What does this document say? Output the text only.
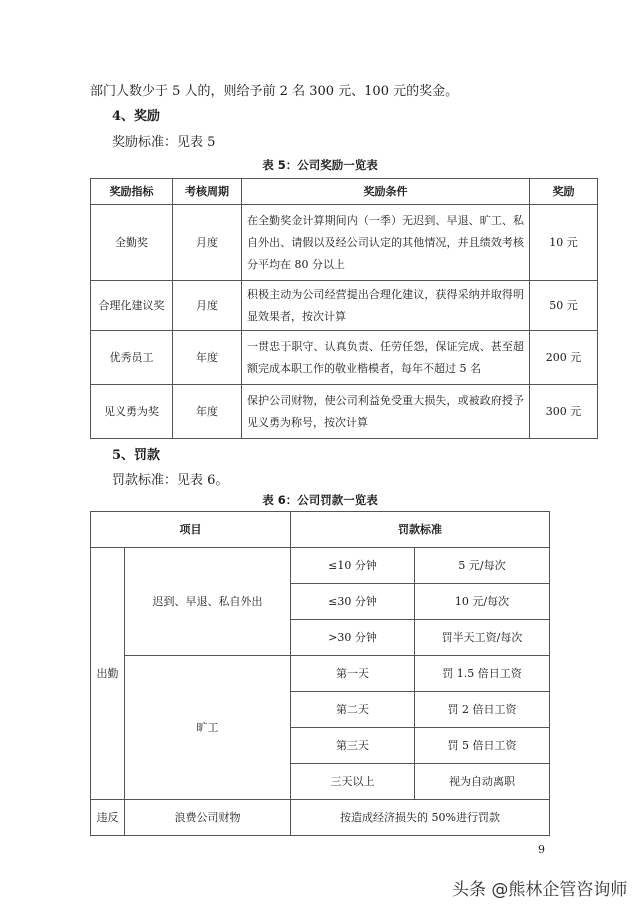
部门人数少于 5 人的，则给予前 2 名 300 元、100 元的奖金。
4、奖励
奖励标准：见表 5
表 5：公司奖励一览表
奖励指标	考核周期	奖励条件	奖励
全勤奖	月度	在全勤奖金计算期间内（一季）无迟到、早退、旷工、私自外出、请假以及经公司认定的其他情况，并且绩效考核分平均在 80 分以上	10 元
合理化建议奖	月度	积极主动为公司经营提出合理化建议，获得采纳并取得明显效果者，按次计算	50 元
优秀员工	年度	一贯忠于职守、认真负责、任劳任怨，保证完成、甚至超额完成本职工作的敬业楷模者，每年不超过 5 名	200 元
见义勇为奖	年度	保护公司财物，使公司利益免受重大损失，或被政府授予见义勇为称号，按次计算	300 元
5、罚款
罚款标准：见表 6。
表 6：公司罚款一览表
项目		罚款标准	
出勤	迟到、早退、私自外出	≤10 分钟	5 元/每次
		≤30 分钟	10 元/每次
		>30 分钟	罚半天工资/每次
	旷工	第一天	罚 1.5 倍日工资
		第二天	罚 2 倍日工资
		第三天	罚 5 倍日工资
		三天以上	视为自动离职
违反	浪费公司财物	按造成经济损失的 50%进行罚款	
9
头条 @熊林企管咨询师
